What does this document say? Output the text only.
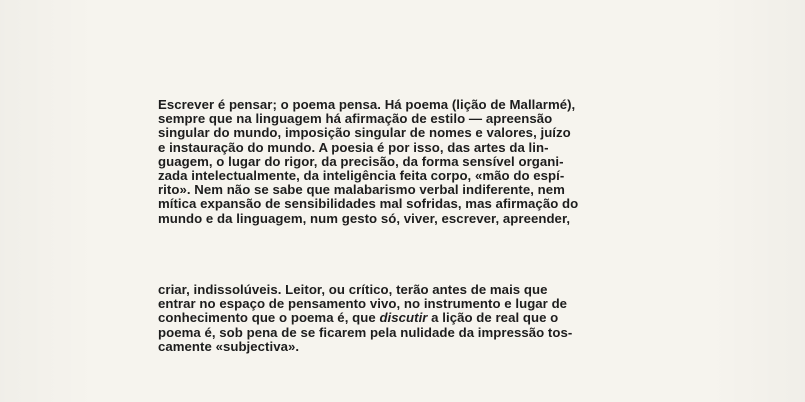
Escrever é pensar; o poema pensa. Há poema (lição de Mallarmé),
sempre que na linguagem há afirmação de estilo — apreensão
singular do mundo, imposição singular de nomes e valores, juízo
e instauração do mundo. A poesia é por isso, das artes da lin-
guagem, o lugar do rigor, da precisão, da forma sensível organi-
zada intelectualmente, da inteligência feita corpo, «mão do espí-
rito». Nem não se sabe que malabarismo verbal indiferente, nem
mítica expansão de sensibilidades mal sofridas, mas afirmação do
mundo e da linguagem, num gesto só, viver, escrever, apreender,
criar, indissolúveis. Leitor, ou crítico, terão antes de mais que
entrar no espaço de pensamento vivo, no instrumento e lugar de
conhecimento que o poema é, que discutir a lição de real que o
poema é, sob pena de se ficarem pela nulidade da impressão tos-
camente «subjectiva».
